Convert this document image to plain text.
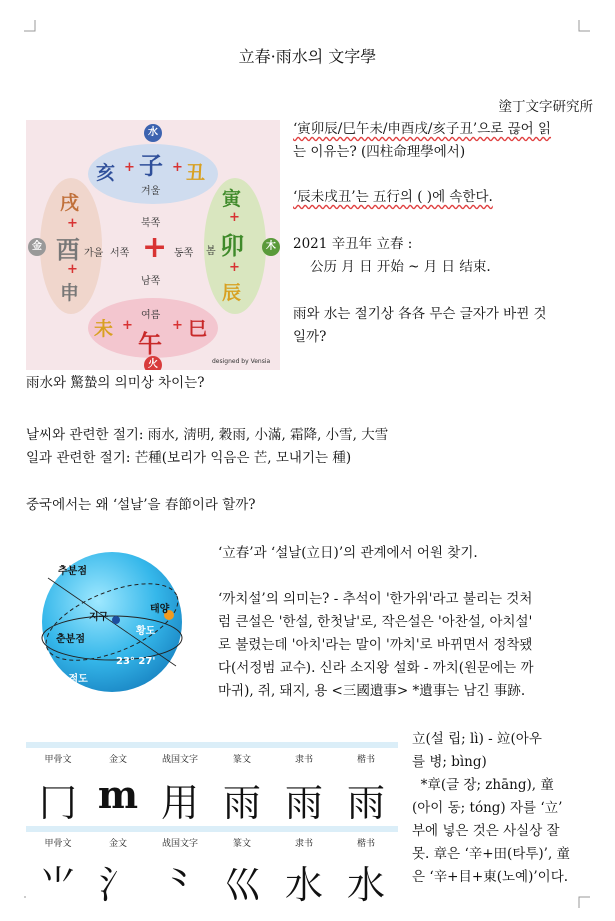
立春·雨水의 文字學
塗丁文字研究所
水
火
金	木
亥 + 子 + 丑
겨울	寅
+
卯
+
辰
봄
未 +
午
+ 巳
여름
戌
+
酉
+
申
가을
북쪽
남쪽
서쪽	동쪽
+
designed by Vensia
‘寅卯辰/巳午未/申酉戌/亥子丑’으로 끊어 읽
는 이유는? (四柱命理學에서)
‘辰未戌丑’는 五行의 ( )에 속한다.
2021 辛丑年 立春 :
公历 月 日 开始 ~ 月 日 结束.
雨와 水는 절기상 各各 무슨 글자가 바뀐 것
일까?
雨水와 驚蟄의 의미상 차이는?
날씨와 관련한 절기: 雨水, 淸明, 穀雨, 小滿, 霜降, 小雪, 大雪
일과 관련한 절기: 芒種(보리가 익음은 芒, 모내기는 種)
중국에서는 왜 ‘설날’을 春節이라 할까?
추분점
지구
태양
황도
춘분점
23° 27'
천구의 적도
‘立春’과 ‘설날(立日)’의 관계에서 어원 찾기.
‘까치설’의 의미는? - 추석이 '한가위'라고 불리는 것처
럼 큰설은 '한설, 한첫날'로, 작은설은 '아찬설, 아치설'
로 불렸는데 '아치'라는 말이 '까치'로 바뀌면서 정착됐
다(서정범 교수). 신라 소지왕 설화 - 까치(원문에는 까
마귀), 쥐, 돼지, 용 <三國遺事> *遺事는 남긴 事跡.
甲骨文	金文	战国文字	篆文	隶书	楷书
冂 m 用 雨 雨 雨
甲骨文	金文	战国文字	篆文	隶书	楷书
⺌ 氵 ⺀ 巛 水 水
立(설 립; lì) - 竝(아우
를 병; bìng)
*章(글 장; zhāng), 童
(아이 동; tóng) 자를 ‘立’
부에 넣은 것은 사실상 잘
못. 章은 ‘辛+田(타투)’, 童
은 ‘辛+目+東(노예)’이다.
